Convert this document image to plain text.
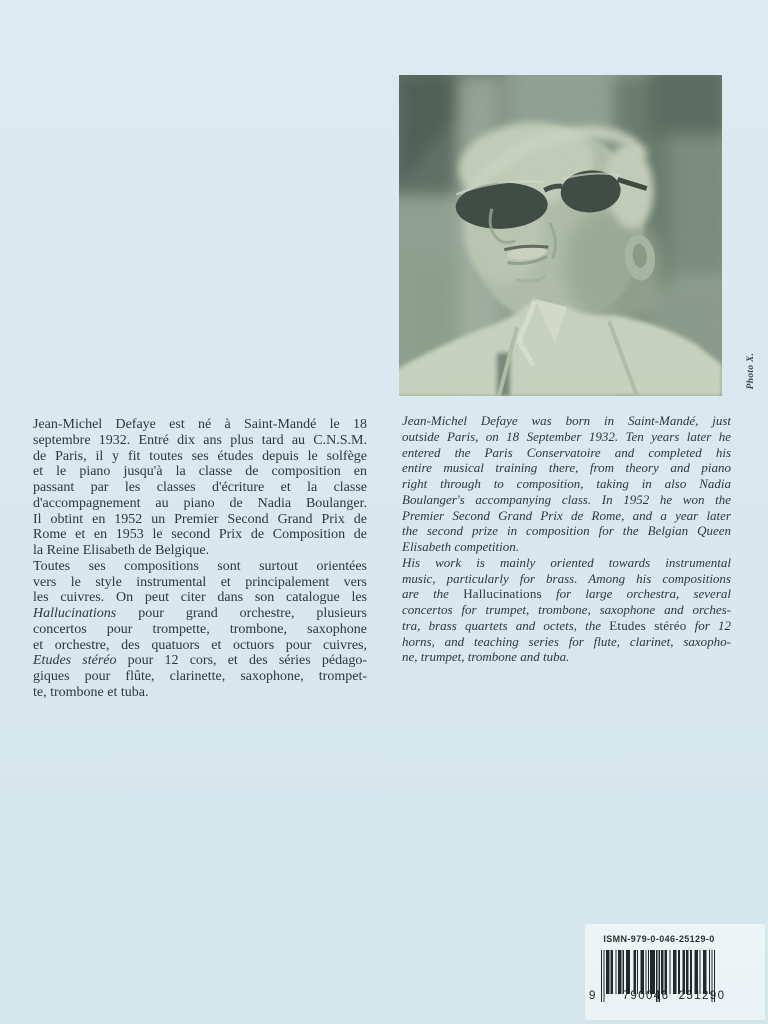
Photo X.

Jean-Michel Defaye est né à Saint-Mandé le 18
septembre 1932. Entré dix ans plus tard au C.N.S.M.
de Paris, il y fit toutes ses études depuis le solfège
et le piano jusqu'à la classe de composition en
passant par les classes d'écriture et la classe
d'accompagnement au piano de Nadia Boulanger.
Il obtint en 1952 un Premier Second Grand Prix de
Rome et en 1953 le second Prix de Composition de
la Reine Elisabeth de Belgique.

Toutes ses compositions sont surtout orientées
vers le style instrumental et principalement vers
les cuivres. On peut citer dans son catalogue les
Hallucinations pour grand orchestre, plusieurs
concertos pour trompette, trombone, saxophone
et orchestre, des quatuors et octuors pour cuivres,
Etudes stéréo pour 12 cors, et des séries pédago-
giques pour flûte, clarinette, saxophone, trompet-
te, trombone et tuba.

Jean-Michel Defaye was born in Saint-Mandé, just
outside Paris, on 18 September 1932. Ten years later he
entered the Paris Conservatoire and completed his
entire musical training there, from theory and piano
right through to composition, taking in also Nadia
Boulanger's accompanying class. In 1952 he won the
Premier Second Grand Prix de Rome, and a year later
the second prize in composition for the Belgian Queen
Elisabeth competition.

His work is mainly oriented towards instrumental
music, particularly for brass. Among his compositions
are the Hallucinations for large orchestra, several
concertos for trumpet, trombone, saxophone and orches-
tra, brass quartets and octets, the Etudes stéréo for 12
horns, and teaching series for flute, clarinet, saxopho-
ne, trumpet, trombone and tuba.

ISMN-979-0-046-25129-0
9 790046 251290
